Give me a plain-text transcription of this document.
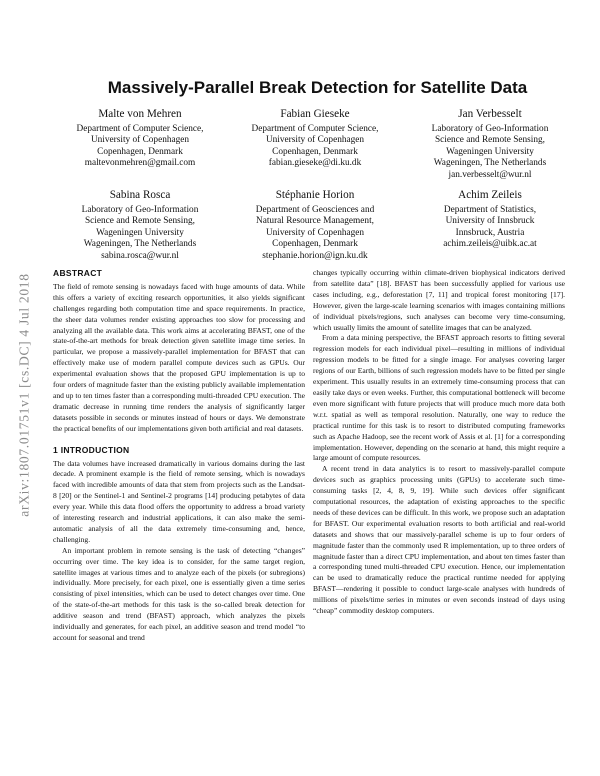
arXiv:1807.01751v1 [cs.DC] 4 Jul 2018
Massively-Parallel Break Detection for Satellite Data
Malte von Mehren
Department of Computer Science,
University of Copenhagen
Copenhagen, Denmark
maltevonmehren@gmail.com
Fabian Gieseke
Department of Computer Science,
University of Copenhagen
Copenhagen, Denmark
fabian.gieseke@di.ku.dk
Jan Verbesselt
Laboratory of Geo-Information
Science and Remote Sensing,
Wageningen University
Wageningen, The Netherlands
jan.verbesselt@wur.nl
Sabina Rosca
Laboratory of Geo-Information
Science and Remote Sensing,
Wageningen University
Wageningen, The Netherlands
sabina.rosca@wur.nl
Stéphanie Horion
Department of Geosciences and
Natural Resource Management,
University of Copenhagen
Copenhagen, Denmark
stephanie.horion@ign.ku.dk
Achim Zeileis
Department of Statistics,
University of Innsbruck
Innsbruck, Austria
achim.zeileis@uibk.ac.at
ABSTRACT

The field of remote sensing is nowadays faced with huge amounts of data. While this offers a variety of exciting research opportunities, it also yields significant challenges regarding both computation time and space requirements. In practice, the sheer data volumes render existing approaches too slow for processing and analyzing all the available data. This work aims at accelerating BFAST, one of the state-of-the-art methods for break detection given satellite image time series. In particular, we propose a massively-parallel implementation for BFAST that can effectively make use of modern parallel compute devices such as GPUs. Our experimental evaluation shows that the proposed GPU implementation is up to four orders of magnitude faster than the existing publicly available implementation and up to ten times faster than a corresponding multi-threaded CPU execution. The dramatic decrease in running time renders the analysis of significantly larger datasets possible in seconds or minutes instead of hours or days. We demonstrate the practical benefits of our implementations given both artificial and real datasets.

1 INTRODUCTION

The data volumes have increased dramatically in various domains during the last decade. A prominent example is the field of remote sensing, which is nowadays faced with incredible amounts of data that stem from projects such as the Landsat-8 [20] or the Sentinel-1 and Sentinel-2 programs [14] producing petabytes of data every year. While this data flood offers the opportunity to address a broad variety of interesting research and industrial applications, it can also make the semi-automatic analysis of all the data extremely time-consuming and, hence, challenging.

An important problem in remote sensing is the task of detecting “changes” occurring over time. The key idea is to consider, for the same target region, satellite images at various times and to analyze each of the pixels (or subregions) individually. More precisely, for each pixel, one is essentially given a time series consisting of pixel intensities, which can be used to detect changes over time. One of the state-of-the-art methods for this task is the so-called break detection for additive season and trend (BFAST) approach, which analyzes the pixels individually and generates, for each pixel, an additive season and trend model “to account for seasonal and trend

changes typically occurring within climate-driven biophysical indicators derived from satellite data” [18]. BFAST has been successfully applied for various use cases including, e.g., deforestation [7, 11] and tropical forest monitoring [17]. However, given the large-scale learning scenarios with images containing millions of individual pixels/regions, such analyses can become very time-consuming, which usually limits the amount of satellite images that can be analyzed.

From a data mining perspective, the BFAST approach resorts to fitting several regression models for each individual pixel—resulting in millions of individual regression models to be fitted for a single image. For analyses covering larger regions of our Earth, billions of such regression models have to be fitted per single experiment. This usually results in an extremely time-consuming process that can easily take days or even weeks. Further, this computational bottleneck will become even more significant with future projects that will produce much more data both w.r.t. spatial as well as temporal resolution. Naturally, one way to reduce the practical runtime for this task is to resort to distributed computing frameworks such as Apache Hadoop, see the recent work of Assis et al. [1] for a corresponding implementation. However, depending on the scenario at hand, this might require a large amount of compute resources.

A recent trend in data analytics is to resort to massively-parallel compute devices such as graphics processing units (GPUs) to accelerate such time-consuming tasks [2, 4, 8, 9, 19]. While such devices offer significant computational resources, the adaptation of existing approaches to the specific needs of these devices can be difficult. In this work, we propose such an adaptation for BFAST. Our experimental evaluation resorts to both artificial and real-world datasets and shows that our massively-parallel scheme is up to four orders of magnitude faster than the commonly used R implementation, up to three orders of magnitude faster than a direct CPU implementation, and about ten times faster than a corresponding tuned multi-threaded CPU execution. Hence, our implementation can be used to dramatically reduce the practical runtime needed for applying BFAST—rendering it possible to conduct large-scale analyses with hundreds of millions of pixels/time series in minutes or even seconds instead of days using “cheap” commodity desktop computers.
